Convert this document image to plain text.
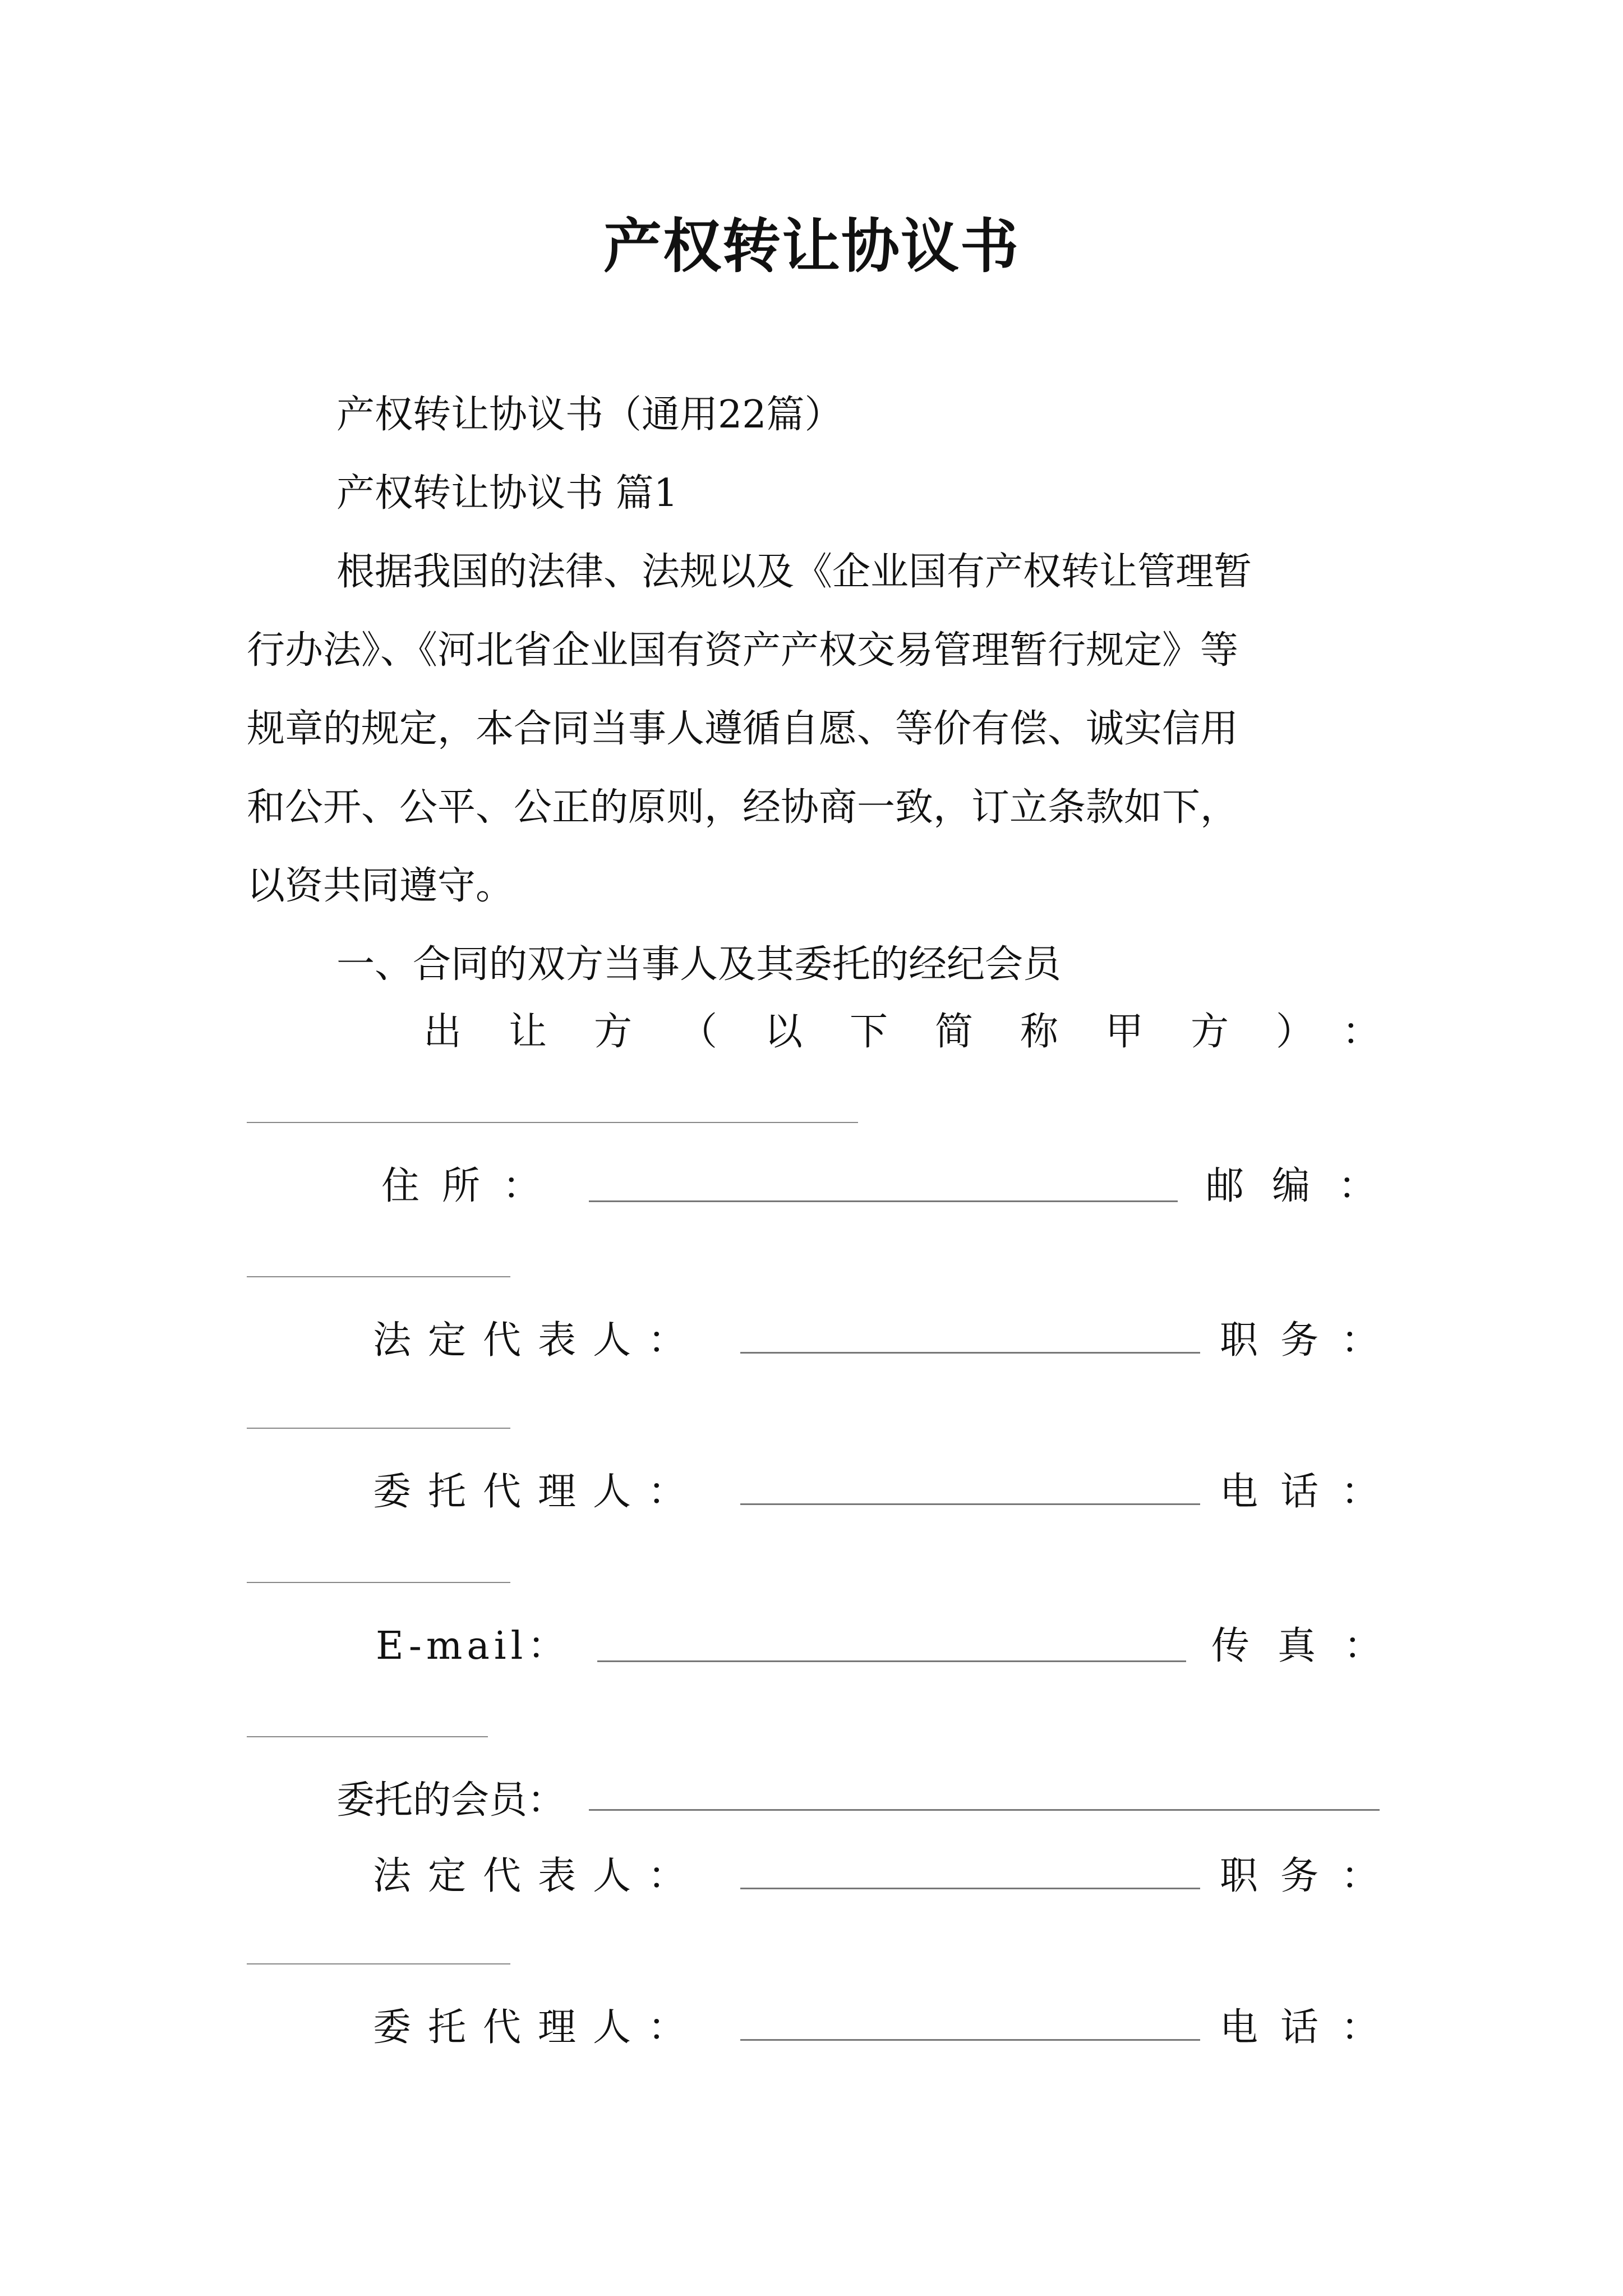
产权转让协议书
产权转让协议书（通用22篇）
产权转让协议书 篇1
根据我国的法律、法规以及《企业国有产权转让管理暂
行办法》、《河北省企业国有资产产权交易管理暂行规定》等
规章的规定，本合同当事人遵循自愿、等价有偿、诚实信用
和公开、公平、公正的原则，经协商一致，订立条款如下，
以资共同遵守。
一、合同的双方当事人及其委托的经纪会员
出让方（以下简称甲方）：
住所：	邮编：
法定代表人：	职务：
委托代理人：	电话：
E-mail：	传真：
委托的会员：
法定代表人：	职务：
委托代理人：	电话：
